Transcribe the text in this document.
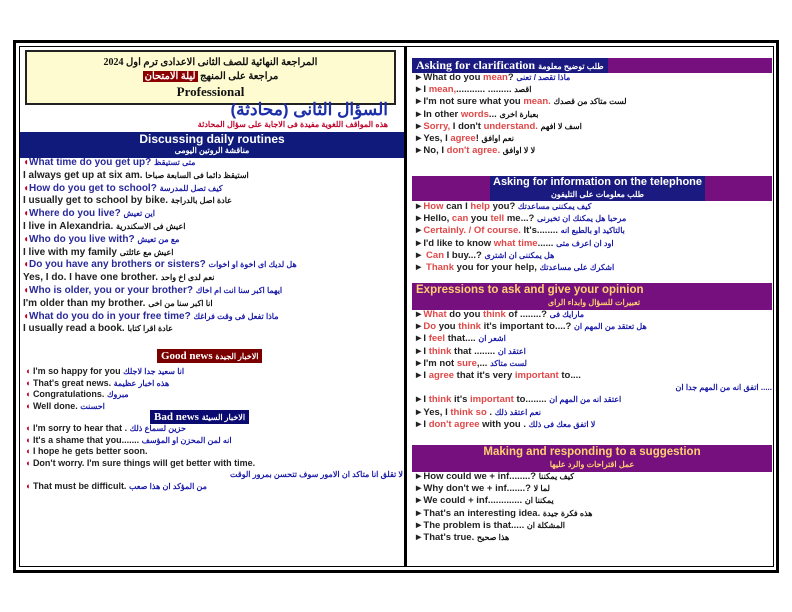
المراجعة النهائية للصف الثانى الاعدادى ترم اول 2024
مراجعة على المنهج ليلة الامتحان
Professional
السؤال الثانى (محادثة)
هذه المواقف اللغوية مفيدة فى الاجابة على سؤال المحادثة
Discussing daily routines
مناقشة الروتين اليومى
◖What time do you get up? متى تستيقظ
I always get up at six am. استيقظ دائما فى السابعة صباحا
◖How do you get to school? كيف تصل للمدرسة
I usually get to school by bike. عادة اصل بالدراجة
◖Where do you live? اين تعيش
I live in Alexandria. اعيش فى الاسكندرية
◖Who do you live with? مع من تعيش
I live with my family اعيش مع عائلتى
◖Do you have any brothers or sisters? هل لديك اى اخوة او اخوات
Yes, I do. I have one brother. نعم لدى اخ واحد
◖Who is older, you or your brother? ايهما اكبر سنا انت ام اخاك
I'm older than my brother. انا اكبر سنا من اخى
◖What do you do in your free time? ماذا تفعل فى وقت فراغك
I usually read a book. عادة اقرا كتابا
Good news الاخبار الجيدة
◖ I'm so happy for you انا سعيد جدا لاجلك
◖ That's great news. هذه اخبار عظيمة
◖ Congratulations. مبروك
◖ Well done. احسنت
Bad news الاخبار السيئة
◖ I'm sorry to hear that . حزين لسماع ذلك
◖ It's a shame that you....... انه لمن المحزن او المؤسف
◖ I hope he gets better soon.
◖ Don't worry. I'm sure things will get better with time.
لا تقلق انا متاكد ان الامور سوف تتحسن بمرور الوقت
◖ That must be difficult. من المؤكد ان هذا صعب
Asking for clarification طلب توضيح معلومة
►What do you mean? ماذا تقصد / تعنى
►I mean,........... ......... اقصد
►I'm not sure what you mean. لست متاكد من قصدك
►In other words... بعبارة اخرى
►Sorry, I don't understand. اسف لا افهم
►Yes, I agree! نعم اوافق
►No, I don't agree. لا لا اوافق
Asking for information on the telephone
طلب معلومات على التليفون
►How can I help you? كيف يمكننى مساعدتك
►Hello, can you tell me...? مرحبا هل يمكنك ان تخبرنى
►Certainly. / Of course. It's........ بالتاكيد او بالطبع انه
►I'd like to know what time...... اود ان اعرف متى
► Can I buy...? هل يمكننى ان اشترى
► Thank you for your help, اشكرك على مساعدتك
Expressions to ask and give your opinion
تعبيرات للسؤال وابداء الراى
►What do you think of ........? مارايك فى
►Do you think it's important to....? هل تعتقد من المهم ان
►I feel that.... اشعر ان
►I think that ........ اعتقد ان
►I'm not sure,... لست متاكد
►I agree that it's very important to....
اتفق انه من المهم جدا ان .....
►I think it's important to........ اعتقد انه من المهم ان
►Yes, I think so . نعم اعتقد ذلك
►I don't agree with you . لا اتفق معك فى ذلك
Making and responding to a suggestion
عمل اقتراحات والرد عليها
►How could we + inf........? كيف يمكننا
►Why don't we + inf.......? لما لا
►We could + inf............. يمكننا ان
►That's an interesting idea. هذه فكرة جيدة
►The problem is that..... المشكلة ان
►That's true. هذا صحيح
